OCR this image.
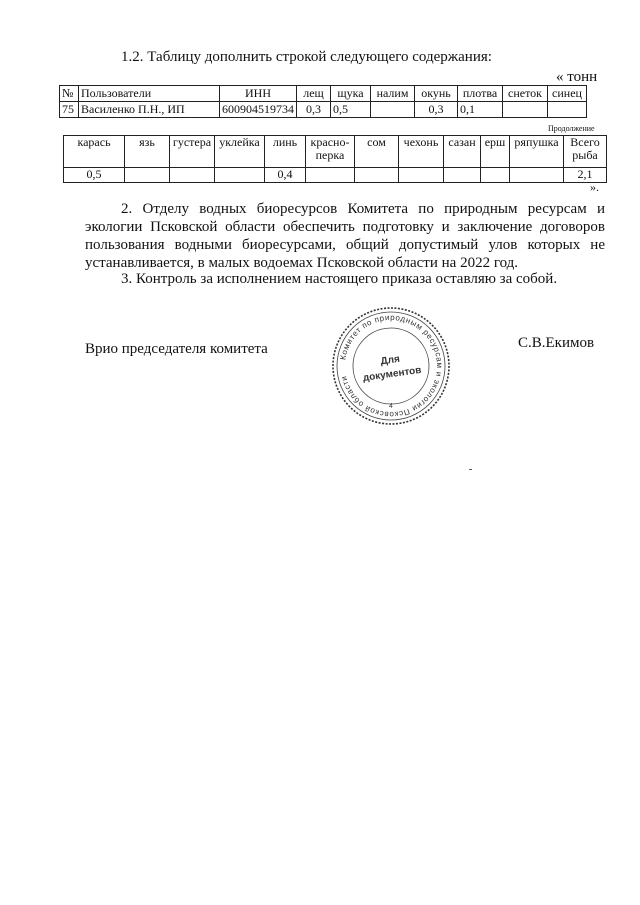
1.2. Таблицу дополнить строкой следующего содержания:
« тонн
№	Пользователи	ИНН	лещ	щука	налим	окунь	плотва	снеток	синец
75	Василенко П.Н., ИП	600904519734	0,3	0,5		0,3	0,1		
Продолжение
карась	язь	густера	уклейка	линь	красно-перка	сом	чехонь	сазан	ерш	ряпушка	Всего рыба
0,5				0,4							2,1
».
2. Отделу водных биоресурсов Комитета по природным ресурсам и экологии Псковской области обеспечить подготовку и заключение договоров пользования водными биоресурсами, общий допустимый улов которых не устанавливается, в малых водоемах Псковской области на 2022 год.
3. Контроль за исполнением настоящего приказа оставляю за собой.
Врио председателя комитета	С.В.Екимов
Комитет по природным ресурсам и экологии Псковской области
Для
документов
4
